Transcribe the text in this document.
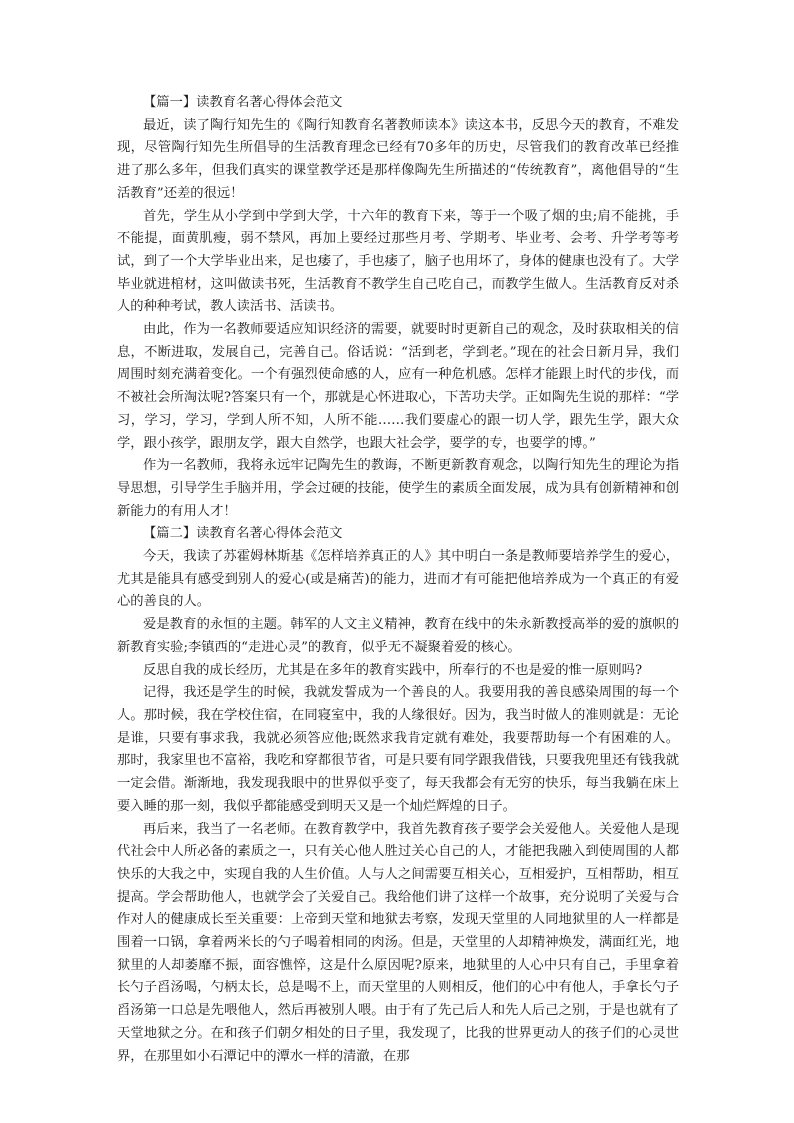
【篇一】读教育名著心得体会范文

最近，读了陶行知先生的《陶行知教育名著教师读本》读这本书，反思今天的教育，不难发现，尽管陶行知先生所倡导的生活教育理念已经有70多年的历史，尽管我们的教育改革已经推进了那么多年，但我们真实的课堂教学还是那样像陶先生所描述的“传统教育”，离他倡导的“生活教育”还差的很远！

首先，学生从小学到中学到大学，十六年的教育下来，等于一个吸了烟的虫;肩不能挑，手不能提，面黄肌瘦，弱不禁风，再加上要经过那些月考、学期考、毕业考、会考、升学考等考试，到了一个大学毕业出来，足也痿了，手也痿了，脑子也用坏了，身体的健康也没有了。大学毕业就进棺材，这叫做读书死，生活教育不教学生自己吃自己，而教学生做人。生活教育反对杀人的种种考试，教人读活书、活读书。

由此，作为一名教师要适应知识经济的需要，就要时时更新自己的观念，及时获取相关的信息，不断进取，发展自己，完善自己。俗话说：“活到老，学到老。”现在的社会日新月异，我们周围时刻充满着变化。一个有强烈使命感的人，应有一种危机感。怎样才能跟上时代的步伐，而不被社会所淘汰呢?答案只有一个，那就是心怀进取心，下苦功夫学。正如陶先生说的那样：“学习，学习，学习，学到人所不知，人所不能……我们要虚心的跟一切人学，跟先生学，跟大众学，跟小孩学，跟朋友学，跟大自然学，也跟大社会学，要学的专，也要学的博。”

作为一名教师，我将永远牢记陶先生的教诲，不断更新教育观念，以陶行知先生的理论为指导思想，引导学生手脑并用，学会过硬的技能，使学生的素质全面发展，成为具有创新精神和创新能力的有用人才！

【篇二】读教育名著心得体会范文

今天，我读了苏霍姆林斯基《怎样培养真正的人》其中明白一条是教师要培养学生的爱心，尤其是能具有感受到别人的爱心(或是痛苦)的能力，进而才有可能把他培养成为一个真正的有爱心的善良的人。

爱是教育的永恒的主题。韩军的人文主义精神，教育在线中的朱永新教授高举的爱的旗帜的新教育实验;李镇西的“走进心灵”的教育，似乎无不凝聚着爱的核心。

反思自我的成长经历，尤其是在多年的教育实践中，所奉行的不也是爱的惟一原则吗?

记得，我还是学生的时候，我就发誓成为一个善良的人。我要用我的善良感染周围的每一个人。那时候，我在学校住宿，在同寝室中，我的人缘很好。因为，我当时做人的准则就是：无论是谁，只要有事求我，我就必须答应他;既然求我肯定就有难处，我要帮助每一个有困难的人。那时，我家里也不富裕，我吃和穿都很节省，可是只要有同学跟我借钱，只要我兜里还有钱我就一定会借。渐渐地，我发现我眼中的世界似乎变了，每天我都会有无穷的快乐，每当我躺在床上要入睡的那一刻，我似乎都能感受到明天又是一个灿烂辉煌的日子。

再后来，我当了一名老师。在教育教学中，我首先教育孩子要学会关爱他人。关爱他人是现代社会中人所必备的素质之一，只有关心他人胜过关心自己的人，才能把我融入到使周围的人都快乐的大我之中，实现自我的人生价值。人与人之间需要互相关心，互相爱护，互相帮助，相互提高。学会帮助他人，也就学会了关爱自己。我给他们讲了这样一个故事，充分说明了关爱与合作对人的健康成长至关重要：上帝到天堂和地狱去考察，发现天堂里的人同地狱里的人一样都是围着一口锅，拿着两米长的勺子喝着相同的肉汤。但是，天堂里的人却精神焕发，满面红光，地狱里的人却萎靡不振，面容憔悴，这是什么原因呢?原来，地狱里的人心中只有自己，手里拿着长勺子舀汤喝，勺柄太长，总是喝不上，而天堂里的人则相反，他们的心中有他人，手拿长勺子舀汤第一口总是先喂他人，然后再被别人喂。由于有了先己后人和先人后己之别，于是也就有了天堂地狱之分。在和孩子们朝夕相处的日子里，我发现了，比我的世界更动人的孩子们的心灵世界，在那里如小石潭记中的潭水一样的清澈，在那
